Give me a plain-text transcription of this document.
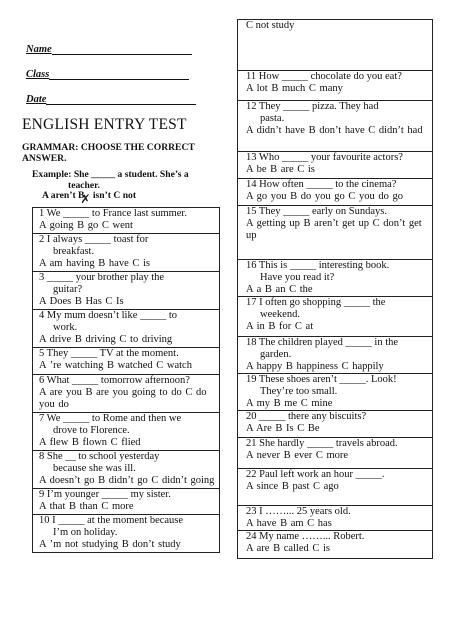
Name
Class
Date
ENGLISH ENTRY TEST
GRAMMAR: CHOOSE THE CORRECT ANSWER.
Example: She _____ a student. She’s a
teacher.
A aren’t B isn’t C not
1 We _____ to France last summer.
A going B go C went

2 I always _____ toast for
breakfast.
A am having B have C is

3 _____ your brother play the
guitar?
A Does B Has C Is

4 My mum doesn’t like _____ to
work.
A drive B driving C to driving

5 They _____ TV at the moment.
A ’re watching B watched C watch

6 What _____ tomorrow afternoon?
A are you B are you going to do C do you do

7 We _____ to Rome and then we
drove to Florence.
A flew B flown C flied

8 She __ to school yesterday
because she was ill.
A doesn’t go B didn’t go C didn’t going

9 I’m younger _____ my sister.
A that B than C more

10 I _____ at the moment because
I’m on holiday.
A ’m not studying B don’t study
C not study

11 How _____ chocolate do you eat?
A lot B much C many

12 They _____ pizza. They had
pasta.
A didn’t have B don’t have C didn’t had

13 Who _____ your favourite actors?
A be B are C is

14 How often _____ to the cinema?
A go you B do you go C you do go

15 They _____ early on Sundays.
A getting up B aren’t get up C don’t get up

16 This is _____ interesting book.
Have you read it?
A a B an C the

17 I often go shopping _____ the
weekend.
A in B for C at

18 The children played _____ in the
garden.
A happy B happiness C happily

19 These shoes aren’t _____. Look!
They’re too small.
A my B me C mine

20 _____ there any biscuits?
A Are B Is C Be

21 She hardly _____ travels abroad.
A never B ever C more

22 Paul left work an hour _____.
A since B past C ago

23 I ……... 25 years old.
A have B am C has

24 My name ……... Robert.
A are B called C is
